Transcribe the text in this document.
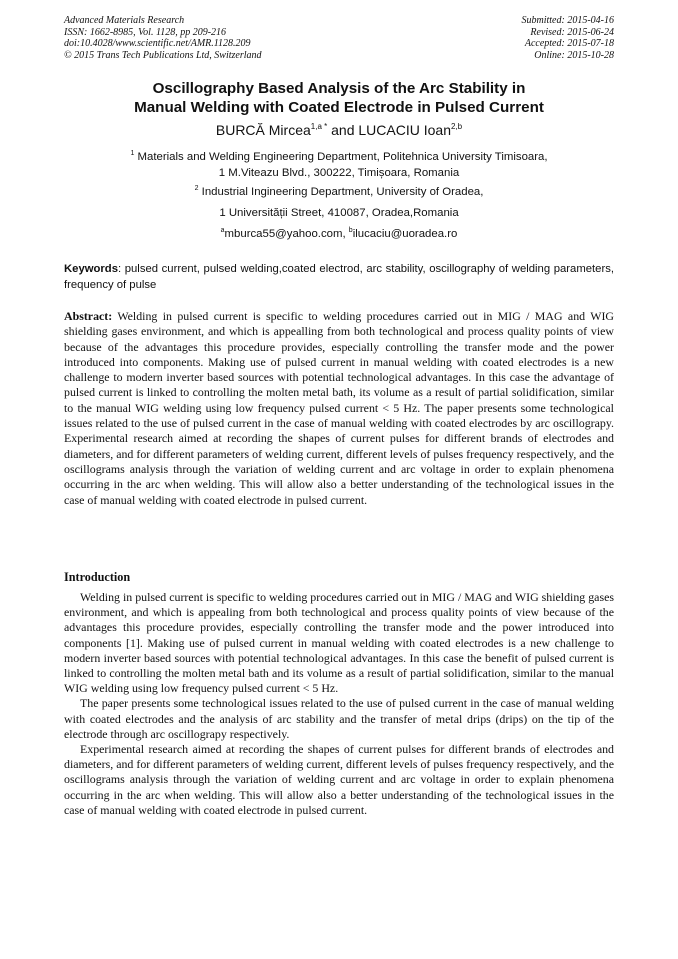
Advanced Materials Research
ISSN: 1662-8985, Vol. 1128, pp 209-216
doi:10.4028/www.scientific.net/AMR.1128.209
© 2015 Trans Tech Publications Ltd, Switzerland
Submitted: 2015-04-16
Revised: 2015-06-24
Accepted: 2015-07-18
Online: 2015-10-28
Oscillography Based Analysis of the Arc Stability in
Manual Welding with Coated Electrode in Pulsed Current
BURCĂ Mircea$^{1,a *}$ and LUCACIU Ioan$^{2,b}$
$^1$ Materials and Welding Engineering Department, Politehnica University Timisoara,
1 M.Viteazu Blvd., 300222, Timișoara, Romania
$^2$ Industrial Ingineering Department, University of Oradea,
1 Universității Street, 410087, Oradea,Romania
$^a$mburca55@yahoo.com, $^b$ilucaciu@uoradea.ro
Keywords: pulsed current, pulsed welding,coated electrod, arc stability, oscillography of welding parameters, frequency of pulse
Abstract: Welding in pulsed current is specific to welding procedures carried out in MIG / MAG and WIG shielding gases environment, and which is appealling from both technological and process quality points of view because of the advantages this procedure provides, especially controlling the transfer mode and the power introduced into components. Making use of pulsed current in manual welding with coated electrodes is a new challenge to modern inverter based sources with potential technological advantages. In this case the advantage of pulsed current is linked to controlling the molten metal bath, its volume as a result of partial solidification, similar to the manual WIG welding using low frequency pulsed current < 5 Hz. The paper presents some technological issues related to the use of pulsed current in the case of manual welding with coated electrodes by arc oscillograpy. Experimental research aimed at recording the shapes of current pulses for different brands of electrodes and diameters, and for different parameters of welding current, different levels of pulses frequency respectively, and the oscillograms analysis through the variation of welding current and arc voltage in order to explain phenomena occurring in the arc when welding. This will allow also a better understanding of the technological issues in the case of manual welding with coated electrode in pulsed current.
Introduction

Welding in pulsed current is specific to welding procedures carried out in MIG / MAG and WIG shielding gases environment, and which is appealing from both technological and process quality points of view because of the advantages this procedure provides, especially controlling the transfer mode and the power introduced into components [1]. Making use of pulsed current in manual welding with coated electrodes is a new challenge to modern inverter based sources with potential technological advantages. In this case the benefit of pulsed current is linked to controlling the molten metal bath and its volume as a result of partial solidification, similar to the manual WIG welding using low frequency pulsed current < 5 Hz.

The paper presents some technological issues related to the use of pulsed current in the case of manual welding with coated electrodes and the analysis of arc stability and the transfer of metal drips (drips) on the tip of the electrode through arc oscillograpy respectively.

Experimental research aimed at recording the shapes of current pulses for different brands of electrodes and diameters, and for different parameters of welding current, different levels of pulses frequency respectively, and the oscillograms analysis through the variation of welding current and arc voltage in order to explain phenomena occurring in the arc when welding. This will allow also a better understanding of the technological issues in the case of manual welding with coated electrode in pulsed current.
